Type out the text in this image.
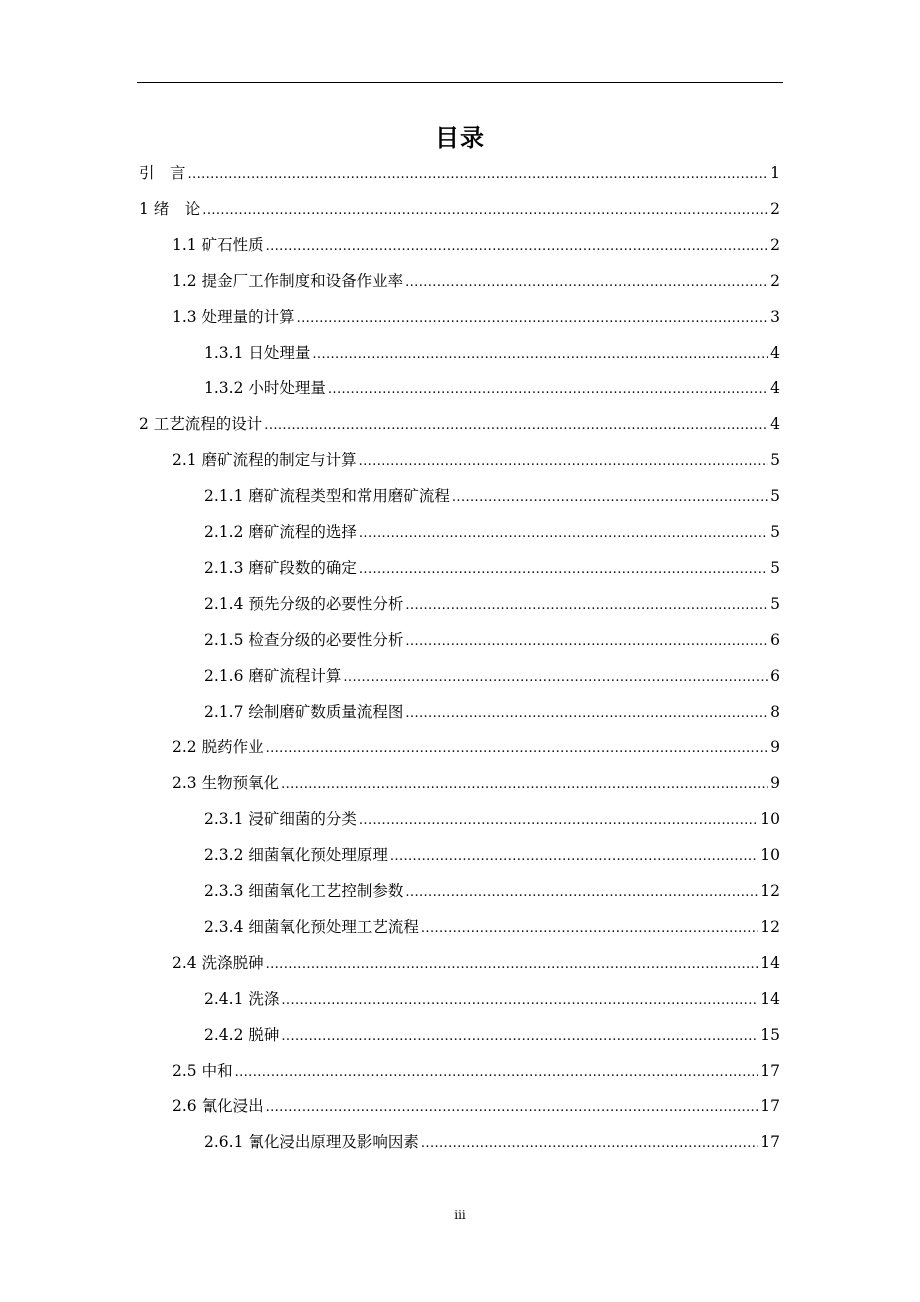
目录
引　言 .....	1
1 绪　论 .....	2
1.1 矿石性质 .....	2
1.2 提金厂工作制度和设备作业率 .....	2
1.3 处理量的计算 .....	3
1.3.1 日处理量 .....	4
1.3.2 小时处理量 .....	4
2 工艺流程的设计 .....	4
2.1 磨矿流程的制定与计算 .....	5
2.1.1 磨矿流程类型和常用磨矿流程 .....	5
2.1.2 磨矿流程的选择 .....	5
2.1.3 磨矿段数的确定 .....	5
2.1.4 预先分级的必要性分析 .....	5
2.1.5 检查分级的必要性分析 .....	6
2.1.6 磨矿流程计算 .....	6
2.1.7 绘制磨矿数质量流程图 .....	8
2.2 脱药作业 .....	9
2.3 生物预氧化 .....	9
2.3.1 浸矿细菌的分类 .....	10
2.3.2 细菌氧化预处理原理 .....	10
2.3.3 细菌氧化工艺控制参数 .....	12
2.3.4 细菌氧化预处理工艺流程 .....	12
2.4 洗涤脱砷 .....	14
2.4.1 洗涤 .....	14
2.4.2 脱砷 .....	15
2.5 中和 .....	17
2.6 氰化浸出 .....	17
2.6.1 氰化浸出原理及影响因素 .....	17
iii
